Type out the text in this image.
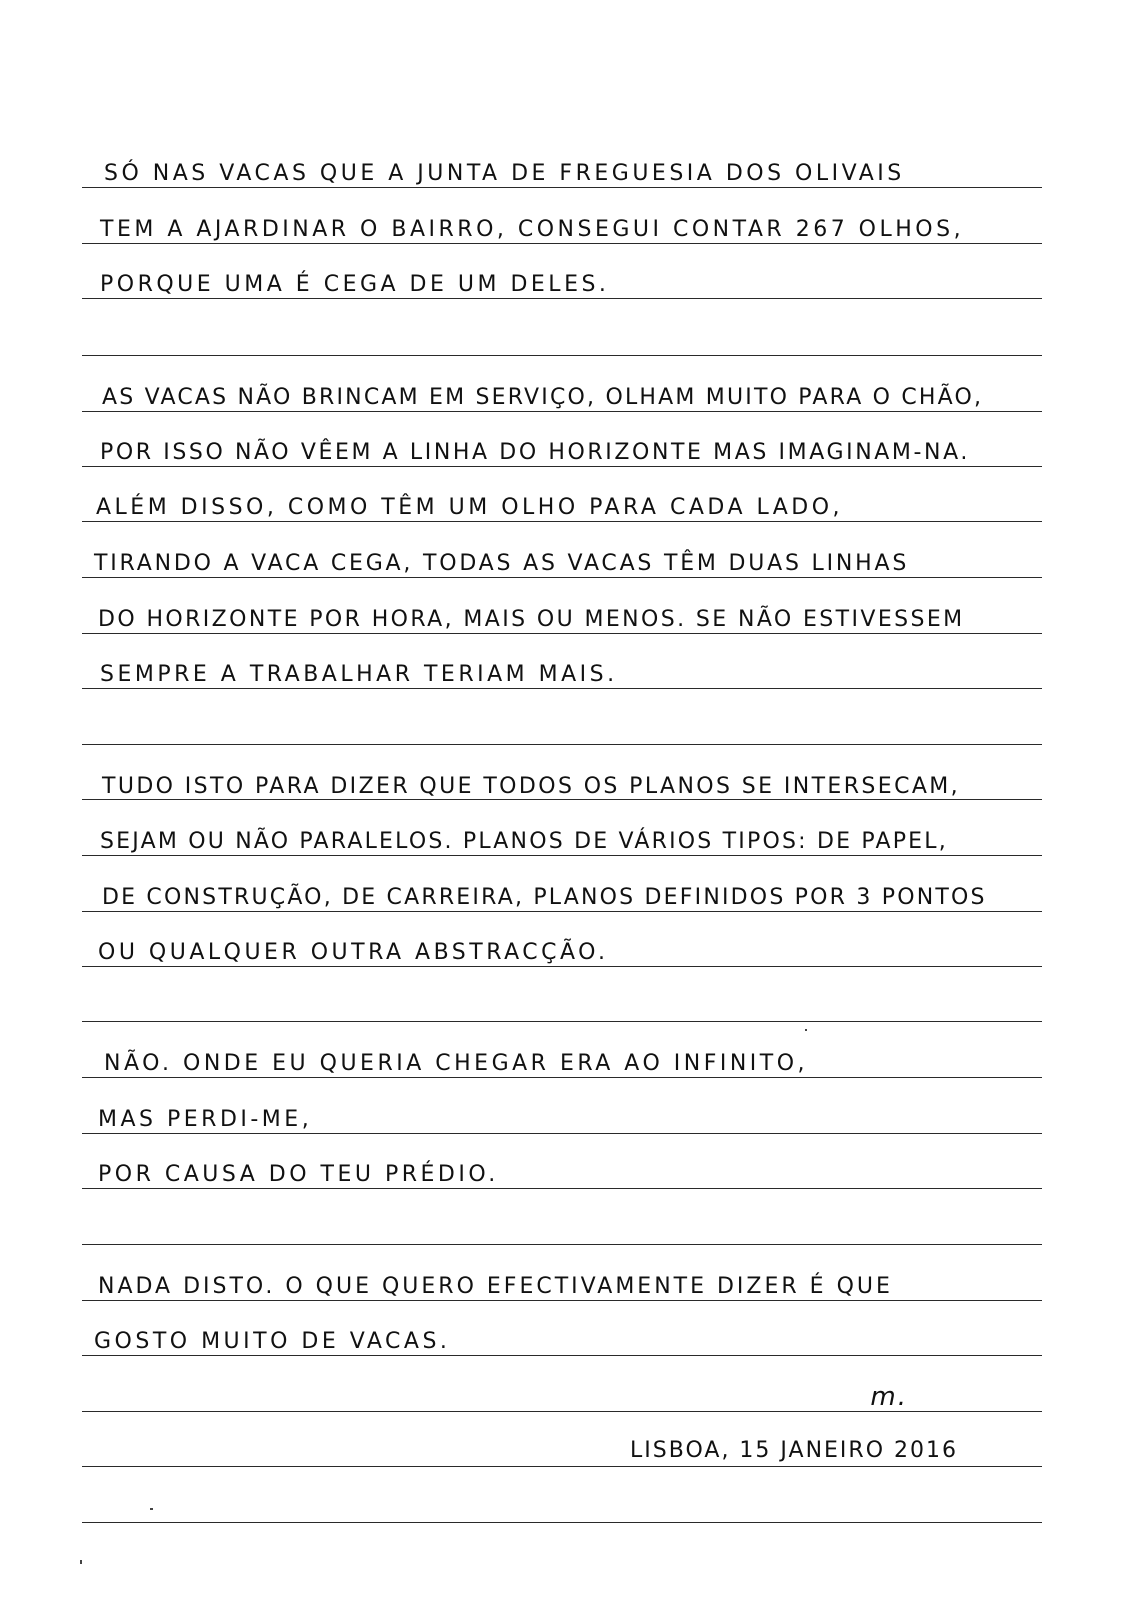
SÓ NAS VACAS QUE A JUNTA DE FREGUESIA DOS OLIVAIS
TEM A AJARDINAR O BAIRRO, CONSEGUI CONTAR 267 OLHOS,
PORQUE UMA É CEGA DE UM DELES.
AS VACAS NÃO BRINCAM EM SERVIÇO, OLHAM MUITO PARA O CHÃO,
POR ISSO NÃO VÊEM A LINHA DO HORIZONTE MAS IMAGINAM-NA.
ALÉM DISSO, COMO TÊM UM OLHO PARA CADA LADO,
TIRANDO A VACA CEGA, TODAS AS VACAS TÊM DUAS LINHAS
DO HORIZONTE POR HORA, MAIS OU MENOS. SE NÃO ESTIVESSEM
SEMPRE A TRABALHAR TERIAM MAIS.
TUDO ISTO PARA DIZER QUE TODOS OS PLANOS SE INTERSECAM,
SEJAM OU NÃO PARALELOS. PLANOS DE VÁRIOS TIPOS: DE PAPEL,
DE CONSTRUÇÃO, DE CARREIRA, PLANOS DEFINIDOS POR 3 PONTOS
OU QUALQUER OUTRA ABSTRACÇÃO.
NÃO. ONDE EU QUERIA CHEGAR ERA AO INFINITO,
MAS PERDI-ME,
POR CAUSA DO TEU PRÉDIO.
NADA DISTO. O QUE QUERO EFECTIVAMENTE DIZER É QUE
GOSTO MUITO DE VACAS.
m.
LISBOA, 15 JANEIRO 2016
